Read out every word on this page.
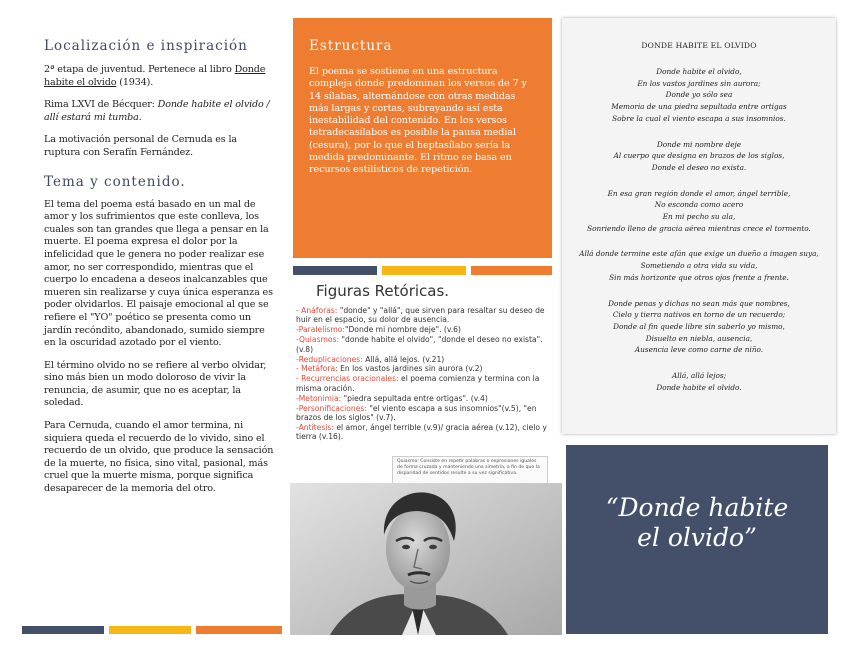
Localización e inspiración

2ª etapa de juventud. Pertenece al libro Donde habite el olvido (1934).

Rima LXVI de Bécquer: Donde habite el olvido / allí estará mi tumba.

La motivación personal de Cernuda es la ruptura con Serafín Fernández.

Tema y contenido.

El tema del poema está basado en un mal de amor y los sufrimientos que este conlleva, los cuales son tan grandes que llega a pensar en la muerte. El poema expresa el dolor por la infelicidad que le genera no poder realizar ese amor, no ser correspondido, mientras que el cuerpo lo encadena a deseos inalcanzables que mueren sin realizarse y cuya única esperanza es poder olvidarlos. El paisaje emocional al que se refiere el "YO" poético se presenta como un jardín recóndito, abandonado, sumido siempre en la oscuridad azotado por el viento.

El término olvido no se refiere al verbo olvidar, sino más bien un modo doloroso de vivir la renuncia, de asumir, que no es aceptar, la soledad.

Para Cernuda, cuando el amor termina, ni siquiera queda el recuerdo de lo vivido, sino el recuerdo de un olvido, que produce la sensación de la muerte, no física, sino vital, pasional, más cruel que la muerte misma, porque significa desaparecer de la memoria del otro.

Estructura

El poema se sostiene en una estructura compleja donde predominan los versos de 7 y 14 sílabas, alternándose con otras medidas más largas y cortas, subrayando así esta inestabilidad del contenido. En los versos tetradecasílabos es posible la pausa medial (cesura), por lo que el heptasílabo sería la medida predominante. El ritmo se basa en recursos estilísticos de repetición.

Figuras Retóricas.
- Anáforas: "donde" y "allá", que sirven para resaltar su deseo de huir en el espacio, su dolor de ausencia.
-Paralelismo:"Donde mi nombre deje". (v.6)
-Quiasmos: "donde habite el olvido", "donde el deseo no exista". (v.8)
-Reduplicaciones: Allá, allá lejos. (v.21)
- Metáfora: En los vastos jardines sin aurora (v.2)
- Recurrencias oracionales: el poema comienza y termina con la misma oración.
-Metonimia: "piedra sepultada entre ortigas". (v.4)
-Personificaciones: "el viento escapa a sus insomnios"(v.5), "en brazos de los siglos" (v.7).
-Antítesis: el amor, ángel terrible (v.9)/ gracia aérea (v.12), cielo y tierra (v.16).
Quiasmo: Consiste en repetir palabras o expresiones iguales de forma cruzada y manteniendo una simetría, a fin de que la disparidad de sentidos resulte a su vez significativa.
DONDE HABITE EL OLVIDO
Donde habite el olvido,
En los vastos jardines sin aurora;
Donde yo sólo sea
Memoria de una piedra sepultada entre ortigas
Sobre la cual el viento escapa a sus insomnios.
Donde mi nombre deje
Al cuerpo que designa en brazos de los siglos,
Donde el deseo no exista.
En esa gran región donde el amor, ángel terrible,
No esconda como acero
En mi pecho su ala,
Sonriendo lleno de gracia aérea mientras crece el tormento.
Allá donde termine este afán que exige un dueño a imagen suya,
Sometiendo a otra vida su vida,
Sin más horizonte que otros ojos frente a frente.
Donde penas y dichas no sean más que nombres,
Cielo y tierra nativos en torno de un recuerdo;
Donde al fin quede libre sin saberlo yo mismo,
Disuelto en niebla, ausencia,
Ausencia leve como carne de niño.
Allá, allá lejos;
Donde habite el olvido.
“Donde habite
el olvido”
